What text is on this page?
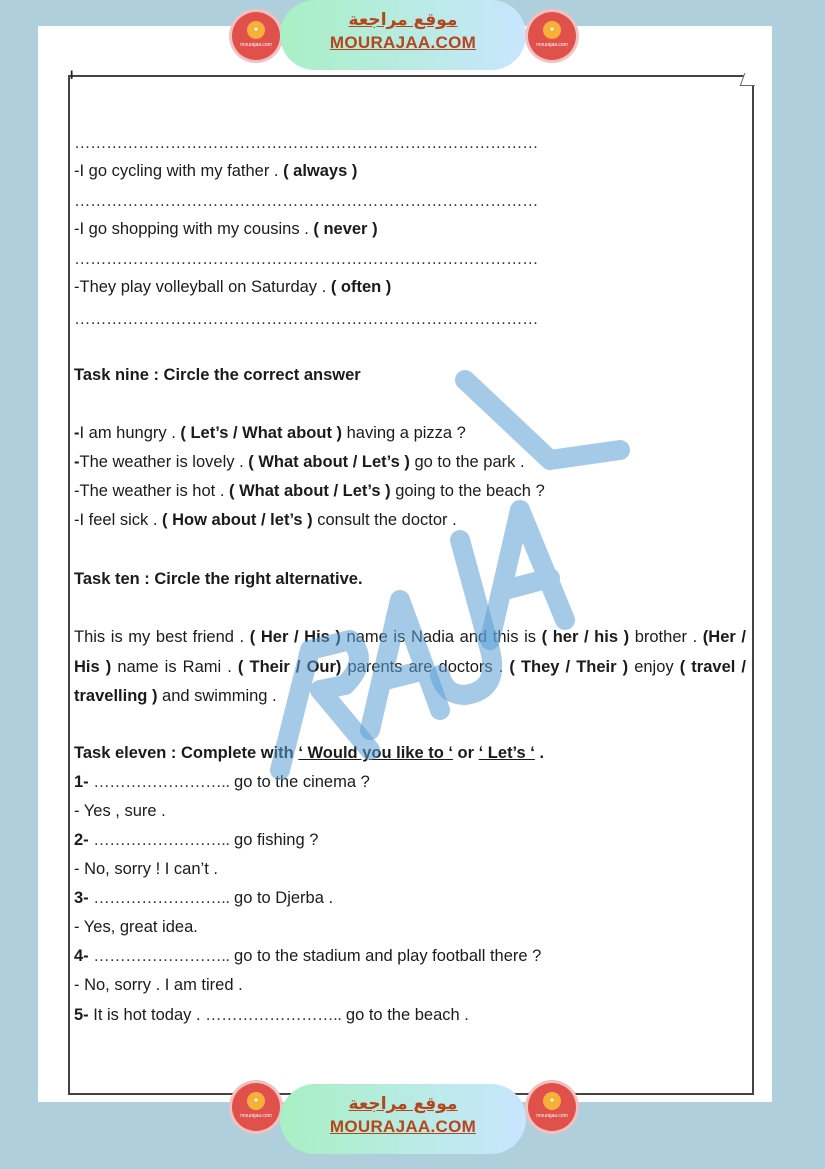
●
mourajaa.com
موقع مراجعة
MOURAJAA.COM
●
mourajaa.com
I
……………………………………………………………………………
-I go cycling with my father . ( always )
……………………………………………………………………………
-I go shopping with my cousins . ( never )
……………………………………………………………………………
-They play volleyball on Saturday . ( often )
……………………………………………………………………………
Task nine : Circle the correct answer
-I am hungry . ( Let’s / What about ) having a pizza ?
-The weather is lovely . ( What about / Let’s ) go to the park .
-The weather is hot . ( What about / Let’s ) going to the beach ?
-I feel sick . ( How about / let’s ) consult the doctor .
Task ten : Circle the right alternative.
This is my best friend . ( Her / His ) name is Nadia and this is ( her / his ) brother . (Her / His ) name is Rami . ( Their / Our) parents are doctors . ( They / Their ) enjoy ( travel / travelling ) and swimming .
Task eleven : Complete with ‘ Would you like to ‘ or ‘ Let’s ‘ .
1- …………………….. go to the cinema ?
- Yes , sure .
2- …………………….. go fishing ?
- No, sorry ! I can’t .
3- …………………….. go to Djerba .
- Yes, great idea.
4- …………………….. go to the stadium and play football there ?
- No, sorry . I am tired .
5- It is hot today . …………………….. go to the beach .
●
mourajaa.com
موقع مراجعة
MOURAJAA.COM
●
mourajaa.com
